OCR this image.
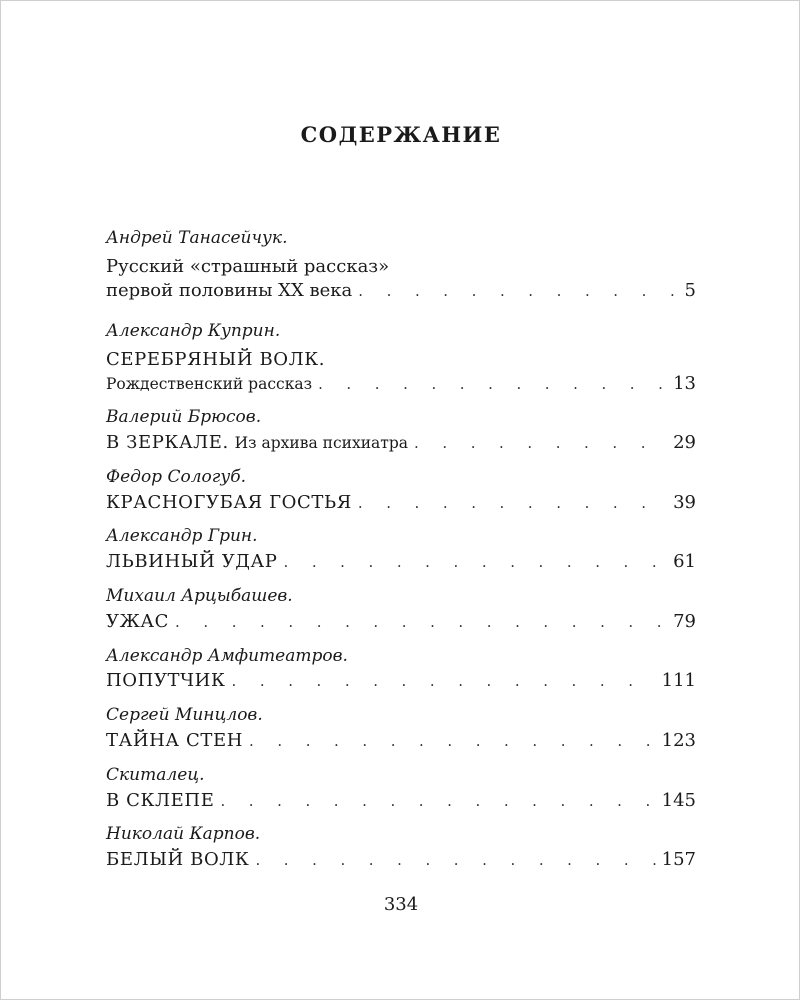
СОДЕРЖАНИЕ
Андрей Танасейчук.
Русский «страшный рассказ»
первой половины XX века . . .	5
Александр Куприн.
СЕРЕБРЯНЫЙ ВОЛК.
Рождественский рассказ . . .	13
Валерий Брюсов.
В ЗЕРКАЛЕ. Из архива психиатра . . .	29
Федор Сологуб.
КРАСНОГУБАЯ ГОСТЬЯ . . .	39
Александр Грин.
ЛЬВИНЫЙ УДАР . . .	61
Михаил Арцыбашев.
УЖАС . . .	79
Александр Амфитеатров.
ПОПУТЧИК . . .	111
Сергей Минцлов.
ТАЙНА СТЕН . . .	123
Скиталец.
В СКЛЕПЕ . . .	145
Николай Карпов.
БЕЛЫЙ ВОЛК . . .	157
334
